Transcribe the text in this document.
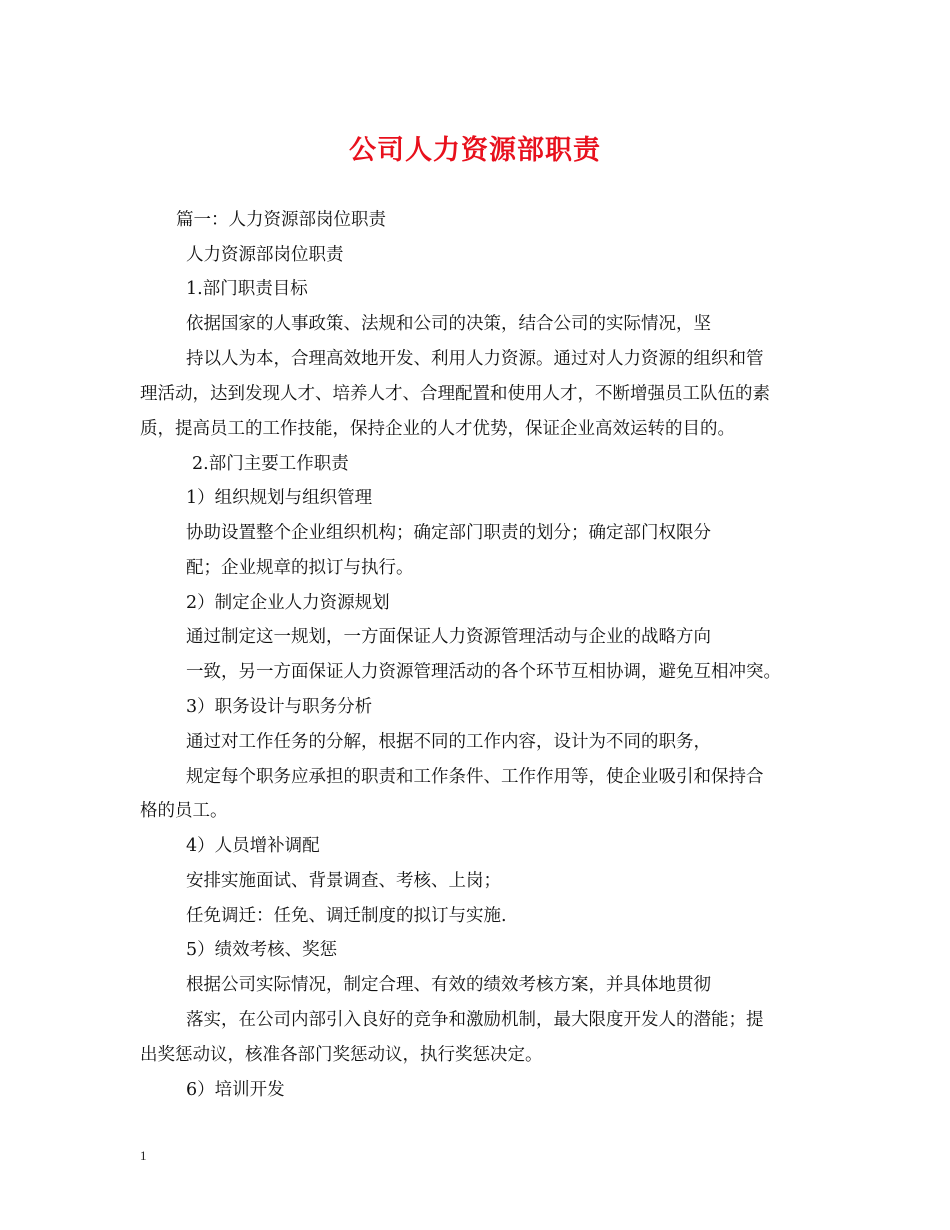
公司人力资源部职责

篇一：人力资源部岗位职责

人力资源部岗位职责

1.部门职责目标

依据国家的人事政策、法规和公司的决策，结合公司的实际情况，坚

持以人为本，合理高效地开发、利用人力资源。通过对人力资源的组织和管

理活动，达到发现人才、培养人才、合理配置和使用人才，不断增强员工队伍的素

质，提高员工的工作技能，保持企业的人才优势，保证企业高效运转的目的。

2.部门主要工作职责

1）组织规划与组织管理

协助设置整个企业组织机构；确定部门职责的划分；确定部门权限分

配；企业规章的拟订与执行。

2）制定企业人力资源规划

通过制定这一规划，一方面保证人力资源管理活动与企业的战略方向

一致，另一方面保证人力资源管理活动的各个环节互相协调，避免互相冲突。

3）职务设计与职务分析

通过对工作任务的分解，根据不同的工作内容，设计为不同的职务，

规定每个职务应承担的职责和工作条件、工作作用等，使企业吸引和保持合

格的员工。

4）人员增补调配

安排实施面试、背景调查、考核、上岗；

任免调迁：任免、调迁制度的拟订与实施.

5）绩效考核、奖惩

根据公司实际情况，制定合理、有效的绩效考核方案，并具体地贯彻

落实，在公司内部引入良好的竞争和激励机制，最大限度开发人的潜能；提

出奖惩动议，核准各部门奖惩动议，执行奖惩决定。

6）培训开发

1
